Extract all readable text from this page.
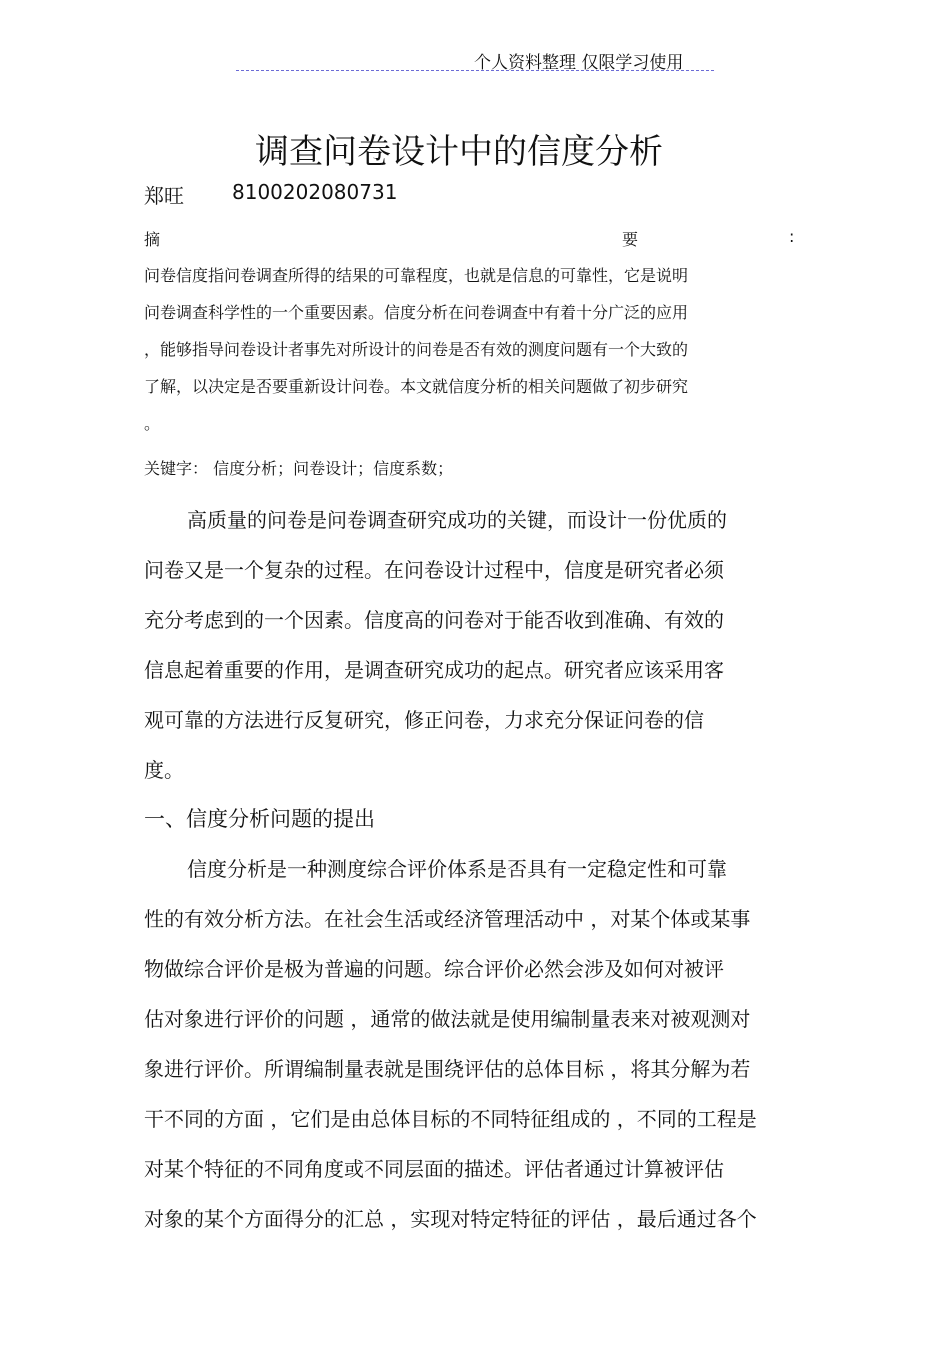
个人资料整理 仅限学习使用
调查问卷设计中的信度分析
郑旺 8100202080731
摘	要	:
问卷信度指问卷调查所得的结果的可靠程度，也就是信息的可靠性，它是说明
问卷调查科学性的一个重要因素。信度分析在问卷调查中有着十分广泛的应用
，能够指导问卷设计者事先对所设计的问卷是否有效的测度问题有一个大致的
了解，以决定是否要重新设计问卷。本文就信度分析的相关问题做了初步研究
。
关键字： 信度分析；问卷设计；信度系数；
高质量的问卷是问卷调查研究成功的关键，而设计一份优质的
问卷又是一个复杂的过程。在问卷设计过程中，信度是研究者必须
充分考虑到的一个因素。信度高的问卷对于能否收到准确、有效的
信息起着重要的作用，是调查研究成功的起点。研究者应该采用客
观可靠的方法进行反复研究，修正问卷，力求充分保证问卷的信
度。
一、信度分析问题的提出
信度分析是一种测度综合评价体系是否具有一定稳定性和可靠
性的有效分析方法。在社会生活或经济管理活动中 ，对某个体或某事
物做综合评价是极为普遍的问题。综合评价必然会涉及如何对被评
估对象进行评价的问题 ，通常的做法就是使用编制量表来对被观测对
象进行评价。所谓编制量表就是围绕评估的总体目标 ，将其分解为若
干不同的方面 ，它们是由总体目标的不同特征组成的 ，不同的工程是
对某个特征的不同角度或不同层面的描述。评估者通过计算被评估
对象的某个方面得分的汇总 ，实现对特定特征的评估 ，最后通过各个
